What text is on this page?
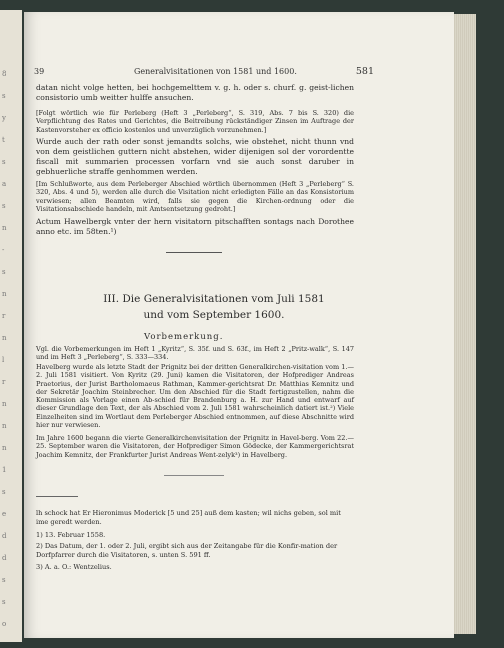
8
s
y
t
s
a
s
n
-
s
n
r
n
l
r
n
n
n
1
s
e
d
d
s
s
o
39	Generalvisitationen von 1581 und 1600.	581
datan nicht volge hetten, bei hochgemelttem v. g. h. oder s. churf. g. geist-lichen consistorio umb weitter hulffe ansuchen.
[Folgt wörtlich wie für Perleberg (Heft 3 „Perleberg“, S. 319, Abs. 7 bis S. 320) die Verpflichtung des Rates und Gerichtes, die Beitreibung rückständiger Zinsen im Auftrage der Kastenvorsteher ex officio kostenlos und unverzüglich vorzunehmen.]
Wurde auch der rath oder sonst jemandts solchs, wie obstehet, nicht thunn vnd von dem geistlichen guttern nicht abstehen, wider dijenigen sol der vorordentte fiscall mit summarien processen vorfarn vnd sie auch sonst daruber in gebhuerliche straffe genhommen werden.
[Im Schlußworte, aus dem Perleberger Abschied wörtlich übernommen (Heft 3 „Perleberg“ S. 320, Abs. 4 und 5), werden alle durch die Visitation nicht erledigten Fälle an das Konsistorium verwiesen; allen Beamten wird, falls sie gegen die Kirchen-ordnung oder die Visitationsabschiede handeln, mit Amtsentsetzung gedroht.]
Actum Hawelbergk vnter der hern visitatorn pitschafften sontags nach Dorothee anno etc. im 58ten.¹)
III. Die Generalvisitationen vom Juli 1581
und vom September 1600.
Vorbemerkung.
Vgl. die Vorbemerkungen im Heft 1 „Kyritz“, S. 35f. und S. 63f., im Heft 2 „Pritz-walk“, S. 147 und im Heft 3 „Perleberg“, S. 333—334.
Havelberg wurde als letzte Stadt der Prignitz bei der dritten Generalkirchen-visitation vom 1.—2. Juli 1581 visitiert. Von Kyritz (29. Juni) kamen die Visitatoren, der Hofprediger Andreas Praetorius, der Jurist Bartholomaeus Rathman, Kammer-gerichtsrat Dr. Matthias Kemnitz und der Sekretär Joachim Steinbrecher. Um den Abschied für die Stadt fertigzustellen, nahm die Kommission als Vorlage einen Ab-schied für Brandenburg a. H. zur Hand und entwarf auf dieser Grundlage den Text, der als Abschied vom 2. Juli 1581 wahrscheinlich datiert ist.²) Viele Einzelheiten sind im Wortlaut dem Perleberger Abschied entnommen, auf diese Abschnitte wird hier nur verwiesen.
Im Jahre 1600 begann die vierte Generalkirchenvisitation der Prignitz in Havel-berg. Vom 22.—25. September waren die Visitatoren, der Hofprediger Simon Gödecke, der Kammergerichtsrat Joachim Kemnitz, der Frankfurter Jurist Andreas Went-zelyk³) in Havelberg.
lh schock hat Er Hieronimus Moderick [5 und 25] auß dem kasten; wil nichs geben, sol mit ime geredt werden.
1) 13. Februar 1558.
2) Das Datum, der 1. oder 2. Juli, ergibt sich aus der Zeitangabe für die Konfir-mation der Dorfpfarrer durch die Visitatoren, s. unten S. 591 ff.
3) A. a. O.: Wentzelius.
